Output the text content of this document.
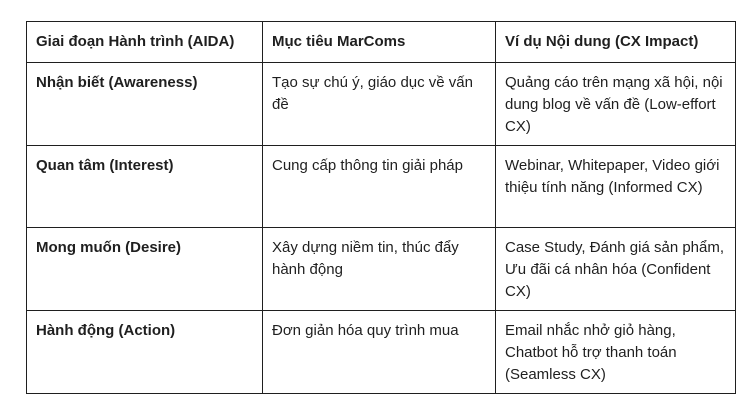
Giai đoạn Hành trình (AIDA)	Mục tiêu MarComs	Ví dụ Nội dung (CX Impact)
Nhận biết (Awareness)	Tạo sự chú ý, giáo dục về vấn đề	Quảng cáo trên mạng xã hội, nội dung blog về vấn đề (Low-effort CX)
Quan tâm (Interest)	Cung cấp thông tin giải pháp	Webinar, Whitepaper, Video giới thiệu tính năng (Informed CX)
Mong muốn (Desire)	Xây dựng niềm tin, thúc đẩy hành động	Case Study, Đánh giá sản phẩm, Ưu đãi cá nhân hóa (Confident CX)
Hành động (Action)	Đơn giản hóa quy trình mua	Email nhắc nhở giỏ hàng, Chatbot hỗ trợ thanh toán (Seamless CX)
